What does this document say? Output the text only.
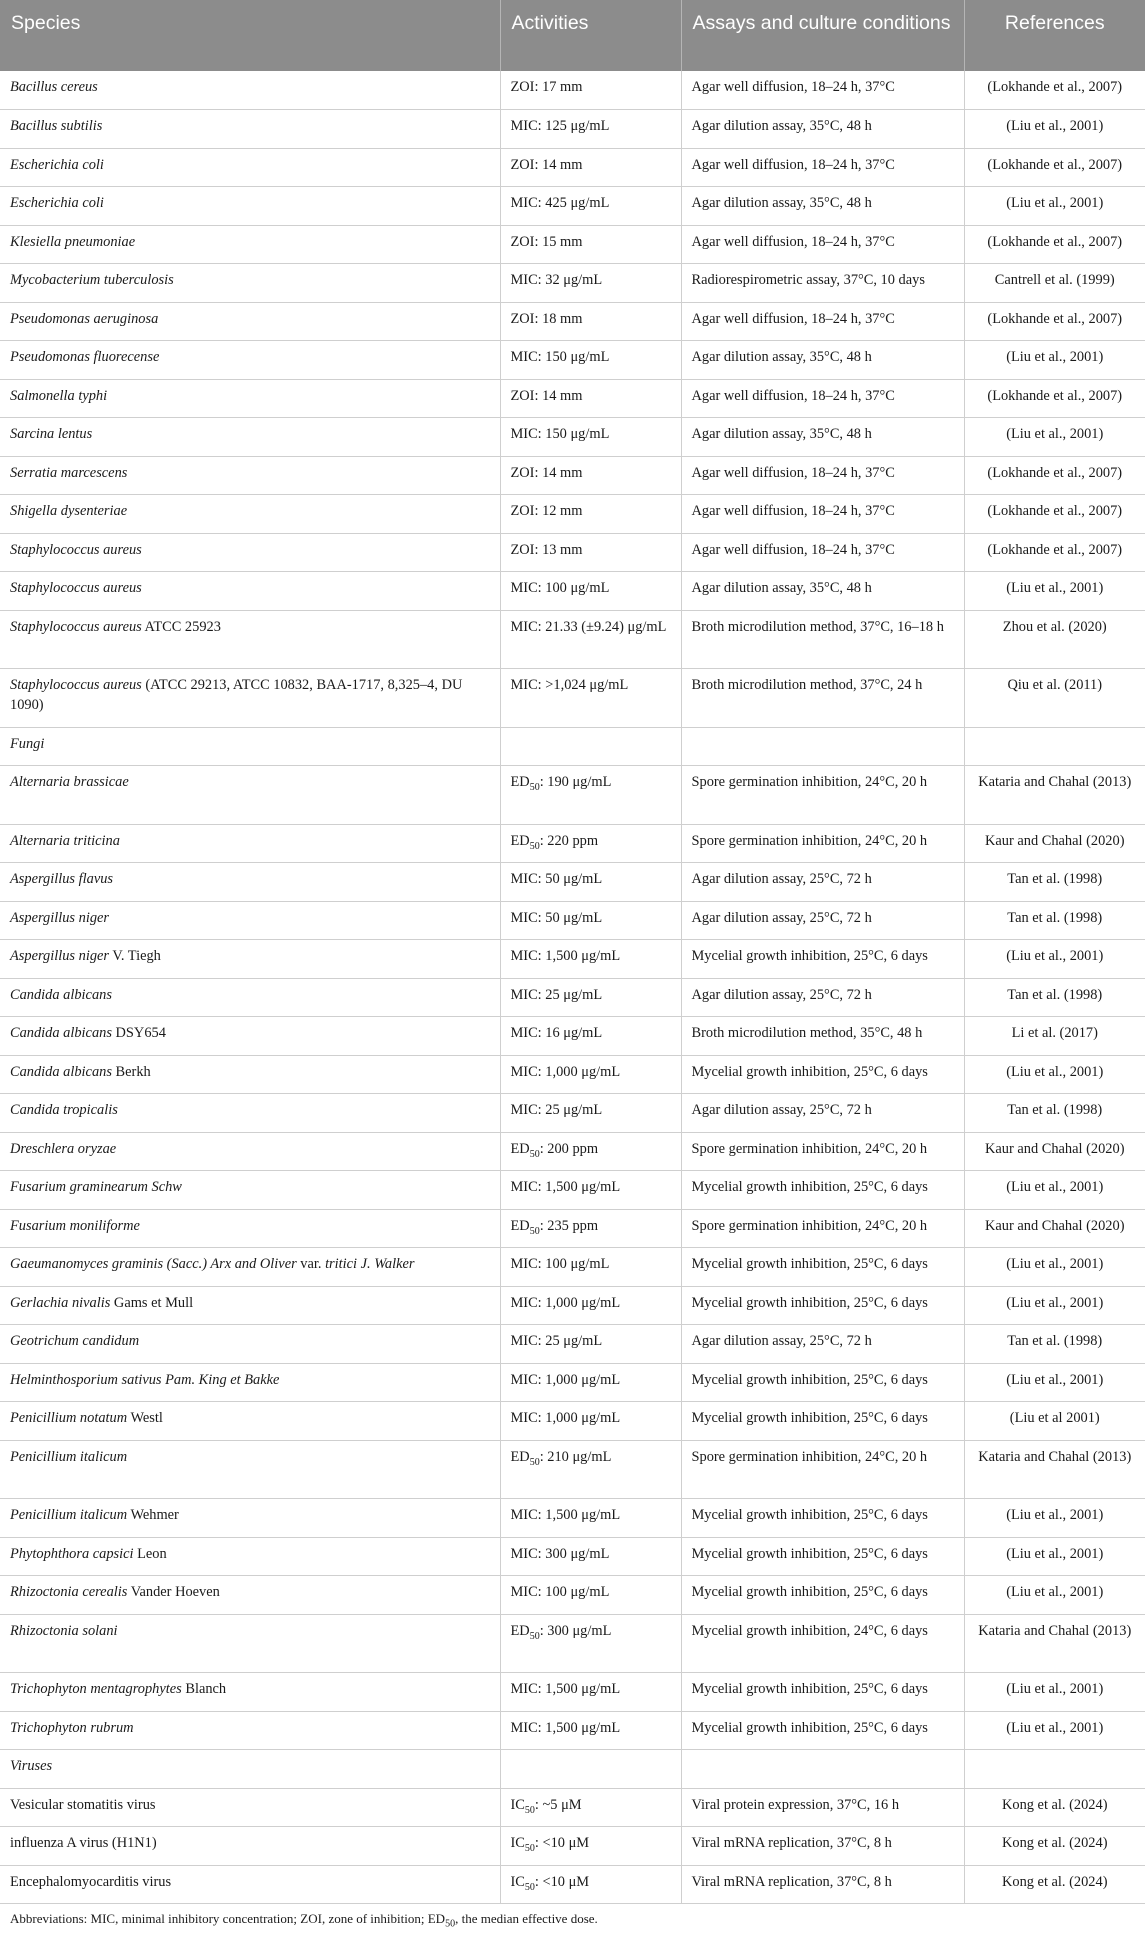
Species	Activities	Assays and culture conditions	References
Bacillus cereus	ZOI: 17 mm	Agar well diffusion, 18–24 h, 37°C	(Lokhande et al., 2007)
Bacillus subtilis	MIC: 125 μg/mL	Agar dilution assay, 35°C, 48 h	(Liu et al., 2001)
Escherichia coli	ZOI: 14 mm	Agar well diffusion, 18–24 h, 37°C	(Lokhande et al., 2007)
Escherichia coli	MIC: 425 μg/mL	Agar dilution assay, 35°C, 48 h	(Liu et al., 2001)
Klesiella pneumoniae	ZOI: 15 mm	Agar well diffusion, 18–24 h, 37°C	(Lokhande et al., 2007)
Mycobacterium tuberculosis	MIC: 32 μg/mL	Radiorespirometric assay, 37°C, 10 days	Cantrell et al. (1999)
Pseudomonas aeruginosa	ZOI: 18 mm	Agar well diffusion, 18–24 h, 37°C	(Lokhande et al., 2007)
Pseudomonas fluorecense	MIC: 150 μg/mL	Agar dilution assay, 35°C, 48 h	(Liu et al., 2001)
Salmonella typhi	ZOI: 14 mm	Agar well diffusion, 18–24 h, 37°C	(Lokhande et al., 2007)
Sarcina lentus	MIC: 150 μg/mL	Agar dilution assay, 35°C, 48 h	(Liu et al., 2001)
Serratia marcescens	ZOI: 14 mm	Agar well diffusion, 18–24 h, 37°C	(Lokhande et al., 2007)
Shigella dysenteriae	ZOI: 12 mm	Agar well diffusion, 18–24 h, 37°C	(Lokhande et al., 2007)
Staphylococcus aureus	ZOI: 13 mm	Agar well diffusion, 18–24 h, 37°C	(Lokhande et al., 2007)
Staphylococcus aureus	MIC: 100 μg/mL	Agar dilution assay, 35°C, 48 h	(Liu et al., 2001)
Staphylococcus aureus ATCC 25923	MIC: 21.33 (±9.24) μg/mL	Broth microdilution method, 37°C, 16–18 h	Zhou et al. (2020)
Staphylococcus aureus (ATCC 29213, ATCC 10832, BAA-1717, 8,325–4, DU 1090)	MIC: >1,024 μg/mL	Broth microdilution method, 37°C, 24 h	Qiu et al. (2011)
Fungi			
Alternaria brassicae	$ED_{50}$: 190 μg/mL	Spore germination inhibition, 24°C, 20 h	Kataria and Chahal (2013)
Alternaria triticina	$ED_{50}$: 220 ppm	Spore germination inhibition, 24°C, 20 h	Kaur and Chahal (2020)
Aspergillus flavus	MIC: 50 μg/mL	Agar dilution assay, 25°C, 72 h	Tan et al. (1998)
Aspergillus niger	MIC: 50 μg/mL	Agar dilution assay, 25°C, 72 h	Tan et al. (1998)
Aspergillus niger V. Tiegh	MIC: 1,500 μg/mL	Mycelial growth inhibition, 25°C, 6 days	(Liu et al., 2001)
Candida albicans	MIC: 25 μg/mL	Agar dilution assay, 25°C, 72 h	Tan et al. (1998)
Candida albicans DSY654	MIC: 16 μg/mL	Broth microdilution method, 35°C, 48 h	Li et al. (2017)
Candida albicans Berkh	MIC: 1,000 μg/mL	Mycelial growth inhibition, 25°C, 6 days	(Liu et al., 2001)
Candida tropicalis	MIC: 25 μg/mL	Agar dilution assay, 25°C, 72 h	Tan et al. (1998)
Dreschlera oryzae	$ED_{50}$: 200 ppm	Spore germination inhibition, 24°C, 20 h	Kaur and Chahal (2020)
Fusarium graminearum Schw	MIC: 1,500 μg/mL	Mycelial growth inhibition, 25°C, 6 days	(Liu et al., 2001)
Fusarium moniliforme	$ED_{50}$: 235 ppm	Spore germination inhibition, 24°C, 20 h	Kaur and Chahal (2020)
Gaeumanomyces graminis (Sacc.) Arx and Oliver var. tritici J. Walker	MIC: 100 μg/mL	Mycelial growth inhibition, 25°C, 6 days	(Liu et al., 2001)
Gerlachia nivalis Gams et Mull	MIC: 1,000 μg/mL	Mycelial growth inhibition, 25°C, 6 days	(Liu et al., 2001)
Geotrichum candidum	MIC: 25 μg/mL	Agar dilution assay, 25°C, 72 h	Tan et al. (1998)
Helminthosporium sativus Pam. King et Bakke	MIC: 1,000 μg/mL	Mycelial growth inhibition, 25°C, 6 days	(Liu et al., 2001)
Penicillium notatum Westl	MIC: 1,000 μg/mL	Mycelial growth inhibition, 25°C, 6 days	(Liu et al 2001)
Penicillium italicum	$ED_{50}$: 210 μg/mL	Spore germination inhibition, 24°C, 20 h	Kataria and Chahal (2013)
Penicillium italicum Wehmer	MIC: 1,500 μg/mL	Mycelial growth inhibition, 25°C, 6 days	(Liu et al., 2001)
Phytophthora capsici Leon	MIC: 300 μg/mL	Mycelial growth inhibition, 25°C, 6 days	(Liu et al., 2001)
Rhizoctonia cerealis Vander Hoeven	MIC: 100 μg/mL	Mycelial growth inhibition, 25°C, 6 days	(Liu et al., 2001)
Rhizoctonia solani	$ED_{50}$: 300 μg/mL	Mycelial growth inhibition, 24°C, 6 days	Kataria and Chahal (2013)
Trichophyton mentagrophytes Blanch	MIC: 1,500 μg/mL	Mycelial growth inhibition, 25°C, 6 days	(Liu et al., 2001)
Trichophyton rubrum	MIC: 1,500 μg/mL	Mycelial growth inhibition, 25°C, 6 days	(Liu et al., 2001)
Viruses			
Vesicular stomatitis virus	$IC_{50}$: ~5 μM	Viral protein expression, 37°C, 16 h	Kong et al. (2024)
influenza A virus (H1N1)	$IC_{50}$: <10 μM	Viral mRNA replication, 37°C, 8 h	Kong et al. (2024)
Encephalomyocarditis virus	$IC_{50}$: <10 μM	Viral mRNA replication, 37°C, 8 h	Kong et al. (2024)
Abbreviations: MIC, minimal inhibitory concentration; ZOI, zone of inhibition; $ED_{50}$, the median effective dose.
